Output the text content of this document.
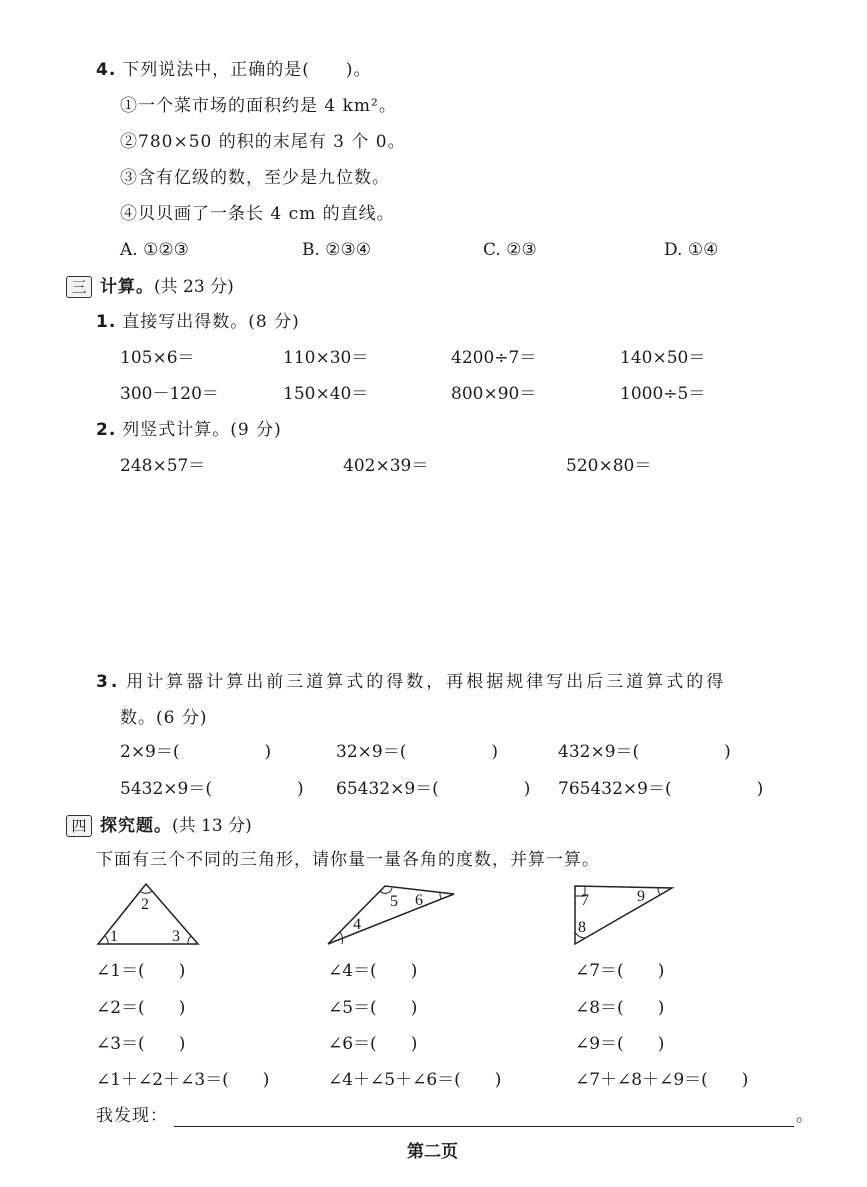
4. 下列说法中，正确的是(　　)。
①一个菜市场的面积约是 4 km²。
②780×50 的积的末尾有 3 个 0。
③含有亿级的数，至少是九位数。
④贝贝画了一条长 4 cm 的直线。
A. ①②③	B. ②③④	C. ②③	D. ①④
三 计算。 (共 23 分)
1. 直接写出得数。(8 分)
105×6＝	110×30＝	4200÷7＝	140×50＝
300－120＝	150×40＝	800×90＝	1000÷5＝
2. 列竖式计算。(9 分)
248×57＝	402×39＝	520×80＝
3. 用计算器计算出前三道算式的得数，再根据规律写出后三道算式的得
数。(6 分)
2×9＝(　　　　　)	32×9＝(　　　　　)	432×9＝(　　　　　)
5432×9＝(　　　　　) 65432×9＝(　　　　　) 765432×9＝(　　　　　)
四 探究题。 (共 13 分)
下面有三个不同的三角形，请你量一量各角的度数，并算一算。
1
2
3
4
5 6	7
8
9
∠1＝(　　)
∠2＝(　　)
∠3＝(　　)
∠1＋∠2＋∠3＝(　　)
∠4＝(　　)
∠5＝(　　)
∠6＝(　　)
∠4＋∠5＋∠6＝(　　)
∠7＝(　　)
∠8＝(　　)
∠9＝(　　)
∠7＋∠8＋∠9＝(　　)
我发现：	。
第二页
